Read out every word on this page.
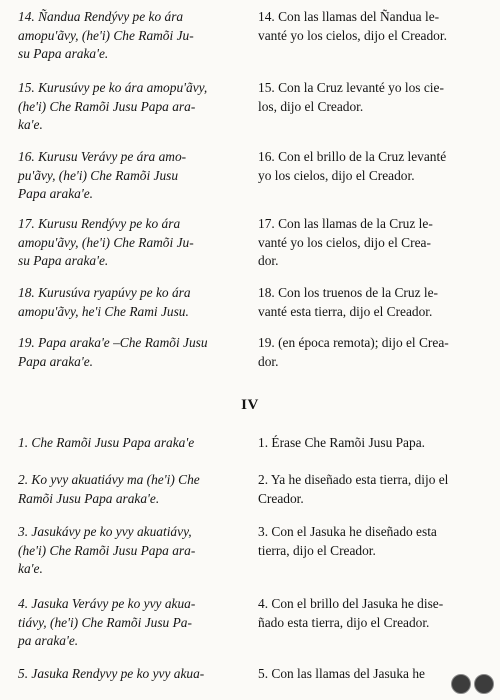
14. Ñandua Rendývy pe ko ára
amopu'ãvy, (he'i) Che Ramõi Ju-
su Papa araka'e.

14. Con las llamas del Ñandua le-
vanté yo los cielos, dijo el Creador.

15. Kurusúvy pe ko ára amopu'ãvy,
(he'i) Che Ramõi Jusu Papa ara-
ka'e.

15. Con la Cruz levanté yo los cie-
los, dijo el Creador.

16. Kurusu Verávy pe ára amo-
pu'ãvy, (he'i) Che Ramõi Jusu
Papa araka'e.

16. Con el brillo de la Cruz levanté
yo los cielos, dijo el Creador.

17. Kurusu Rendývy pe ko ára
amopu'ãvy, (he'i) Che Ramõi Ju-
su Papa araka'e.

17. Con las llamas de la Cruz le-
vanté yo los cielos, dijo el Crea-
dor.

18. Kurusúva ryapúvy pe ko ára
amopu'ãvy, he'i Che Rami Jusu.

18. Con los truenos de la Cruz le-
vanté esta tierra, dijo el Creador.

19. Papa araka'e –Che Ramõi Jusu
Papa araka'e.

19. (en época remota); dijo el Crea-
dor.

IV

1. Che Ramõi Jusu Papa araka'e	1. Érase Che Ramõi Jusu Papa.

2. Ko yvy akuatiávy ma (he'i) Che
Ramõi Jusu Papa araka'e.

2. Ya he diseñado esta tierra, dijo el
Creador.

3. Jasukávy pe ko yvy akuatiávy,
(he'i) Che Ramõi Jusu Papa ara-
ka'e.

3. Con el Jasuka he diseñado esta
tierra, dijo el Creador.

4. Jasuka Verávy pe ko yvy akua-
tiávy, (he'i) Che Ramõi Jusu Pa-
pa araka'e.

4. Con el brillo del Jasuka he dise-
ñado esta tierra, dijo el Creador.

5. Jasuka Rendyvy pe ko yvy akua-	5. Con las llamas del Jasuka he
